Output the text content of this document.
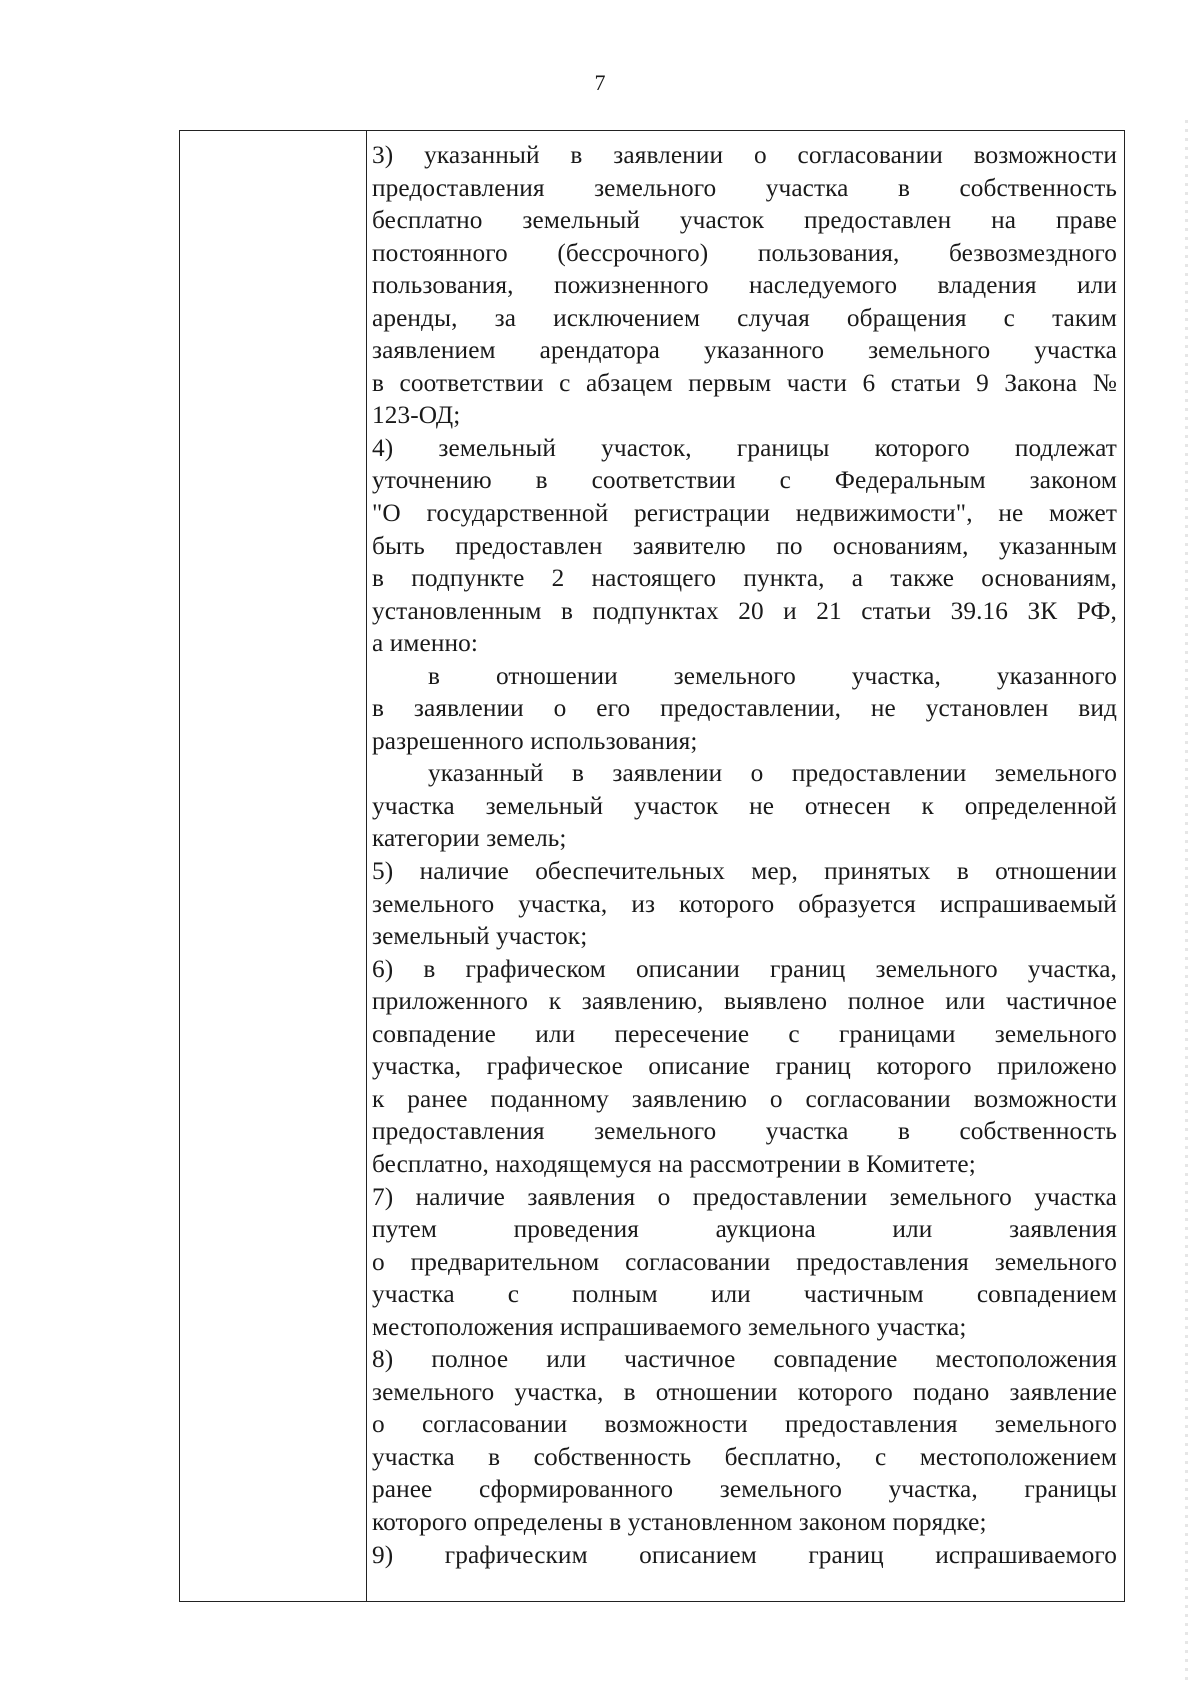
7
3) указанный в заявлении о согласовании возможности
предоставления земельного участка в собственность
бесплатно земельный участок предоставлен на праве
постоянного (бессрочного) пользования, безвозмездного
пользования, пожизненного наследуемого владения или
аренды, за исключением случая обращения с таким
заявлением арендатора указанного земельного участка
в соответствии с абзацем первым части 6 статьи 9 Закона №
123-ОД;
4) земельный участок, границы которого подлежат
уточнению в соответствии с Федеральным законом
"О государственной регистрации недвижимости", не может
быть предоставлен заявителю по основаниям, указанным
в подпункте 2 настоящего пункта, а также основаниям,
установленным в подпунктах 20 и 21 статьи 39.16 ЗК РФ,
а именно:
в отношении земельного участка, указанного
в заявлении о его предоставлении, не установлен вид
разрешенного использования;
указанный в заявлении о предоставлении земельного
участка земельный участок не отнесен к определенной
категории земель;
5) наличие обеспечительных мер, принятых в отношении
земельного участка, из которого образуется испрашиваемый
земельный участок;
6) в графическом описании границ земельного участка,
приложенного к заявлению, выявлено полное или частичное
совпадение или пересечение с границами земельного
участка, графическое описание границ которого приложено
к ранее поданному заявлению о согласовании возможности
предоставления земельного участка в собственность
бесплатно, находящемуся на рассмотрении в Комитете;
7) наличие заявления о предоставлении земельного участка
путем	проведения	аукциона	или	заявления
о предварительном согласовании предоставления земельного
участка с полным или частичным совпадением
местоположения испрашиваемого земельного участка;
8) полное или частичное совпадение местоположения
земельного участка, в отношении которого подано заявление
о согласовании возможности предоставления земельного
участка в собственность бесплатно, с местоположением
ранее сформированного земельного участка, границы
которого определены в установленном законом порядке;
9) графическим описанием границ испрашиваемого
